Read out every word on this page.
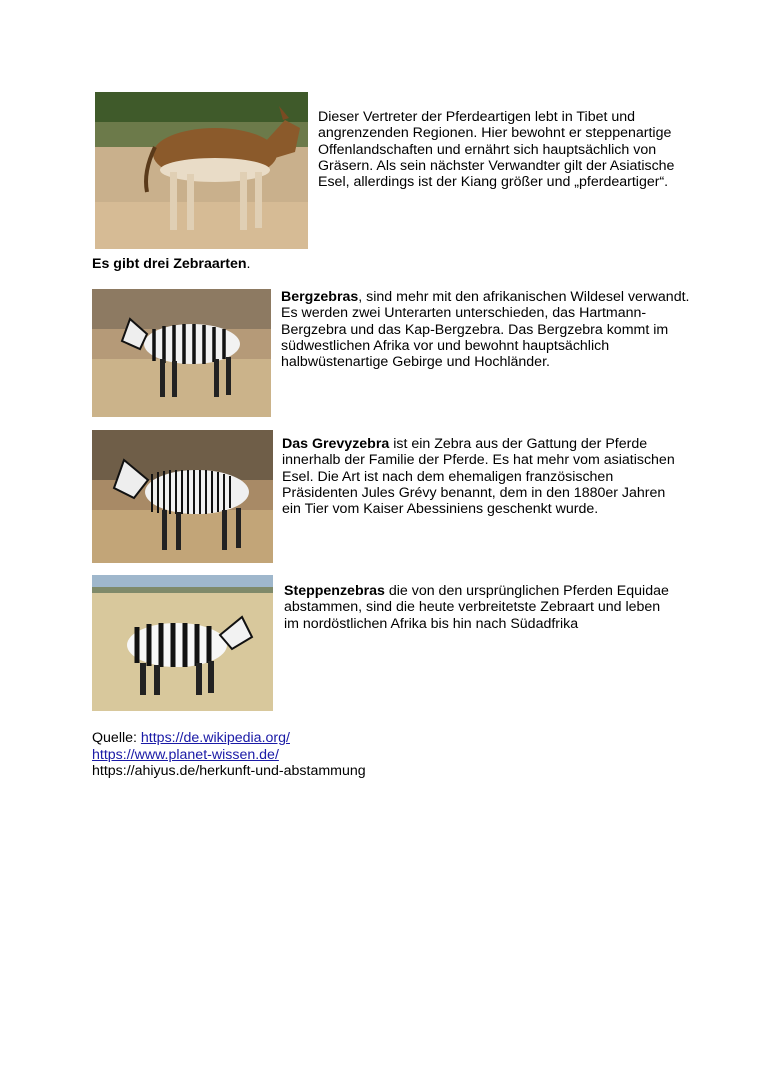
Dieser Vertreter der Pferdeartigen lebt in Tibet und angrenzenden Regionen. Hier bewohnt er steppenartige Offenlandschaften und ernährt sich hauptsächlich von Gräsern. Als sein nächster Verwandter gilt der Asiatische Esel, allerdings ist der Kiang größer und „pferdeartiger“.

Es gibt drei Zebraarten.

Bergzebras, sind mehr mit den afrikanischen Wildesel verwandt. Es werden zwei Unterarten unterschieden, das Hartmann-Bergzebra und das Kap-Bergzebra. Das Bergzebra kommt im südwestlichen Afrika vor und bewohnt hauptsächlich halbwüstenartige Gebirge und Hochländer.

Das Grevyzebra ist ein Zebra aus der Gattung der Pferde innerhalb der Familie der Pferde. Es hat mehr vom asiatischen Esel. Die Art ist nach dem ehemaligen französischen Präsidenten Jules Grévy benannt, dem in den 1880er Jahren ein Tier vom Kaiser Abessiniens geschenkt wurde.

Steppenzebras die von den ursprünglichen Pferden Equidae abstammen, sind die heute verbreitetste Zebraart und leben im nordöstlichen Afrika bis hin nach Südadfrika

Quelle: https://de.wikipedia.org/
https://www.planet-wissen.de/
https://ahiyus.de/herkunft-und-abstammung
